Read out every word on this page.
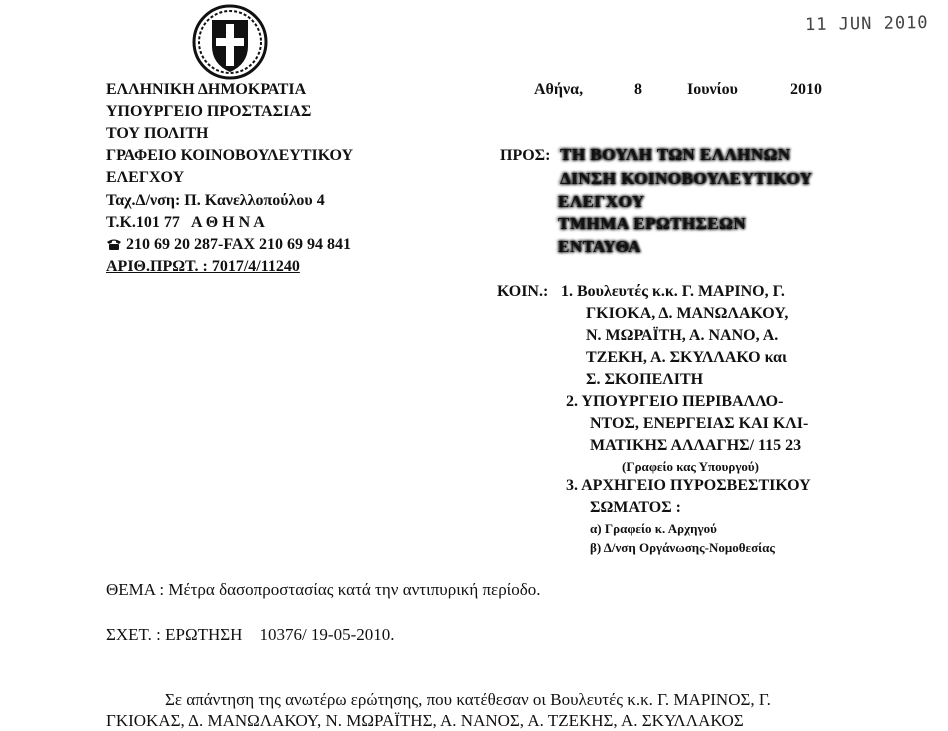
11 JUN 2010
ΕΛΛΗΝΙΚΗ ΔΗΜΟΚΡΑΤΙΑ
ΥΠΟΥΡΓΕΙΟ ΠΡΟΣΤΑΣΙΑΣ
ΤΟΥ ΠΟΛΙΤΗ
ΓΡΑΦΕΙΟ ΚΟΙΝΟΒΟΥΛΕΥΤΙΚΟΥ
ΕΛΕΓΧΟΥ
Ταχ.Δ/νση: Π. Κανελλοπούλου 4
Τ.Κ.101 77   Α Θ Η Ν Α
210 69 20 287-FAX 210 69 94 841
ΑΡΙΘ.ΠΡΩΤ. : 7017/4/11240
Αθήνα,	8	Ιουνίου	2010
ΠΡΟΣ: ΤΗ ΒΟΥΛΗ ΤΩΝ ΕΛΛΗΝΩΝ
ΔΙΝΣΗ ΚΟΙΝΟΒΟΥΛΕΥΤΙΚΟΥ
ΕΛΕΓΧΟΥ
ΤΜΗΜΑ ΕΡΩΤΗΣΕΩΝ
ΕΝΤΑΥΘΑ
ΚΟΙΝ.: 1. Βουλευτές κ.κ. Γ. ΜΑΡΙΝΟ, Γ.
ΓΚΙΟΚΑ, Δ. ΜΑΝΩΛΑΚΟΥ,
Ν. ΜΩΡΑΪΤΗ, Α. ΝΑΝΟ, Α.
ΤΖΕΚΗ, Α. ΣΚΥΛΛΑΚΟ και
Σ. ΣΚΟΠΕΛΙΤΗ
2. ΥΠΟΥΡΓΕΙΟ ΠΕΡΙΒΑΛΛΟ-
ΝΤΟΣ, ΕΝΕΡΓΕΙΑΣ ΚΑΙ ΚΛΙ-
ΜΑΤΙΚΗΣ ΑΛΛΑΓΗΣ/ 115 23
(Γραφείο κας Υπουργού)
3. ΑΡΧΗΓΕΙΟ ΠΥΡΟΣΒΕΣΤΙΚΟΥ
ΣΩΜΑΤΟΣ :
α) Γραφείο κ. Αρχηγού
β) Δ/νση Οργάνωσης-Νομοθεσίας
ΘΕΜΑ : Μέτρα δασοπροστασίας κατά την αντιπυρική περίοδο.
ΣΧΕΤ. : ΕΡΩΤΗΣΗ    10376/ 19-05-2010.
Σε απάντηση της ανωτέρω ερώτησης, που κατέθεσαν οι Βουλευτές κ.κ. Γ. ΜΑΡΙΝΟΣ, Γ.
ΓΚΙΟΚΑΣ, Δ. ΜΑΝΩΛΑΚΟΥ, Ν. ΜΩΡΑΪΤΗΣ, Α. ΝΑΝΟΣ, Α. ΤΖΕΚΗΣ, Α. ΣΚΥΛΛΑΚΟΣ
